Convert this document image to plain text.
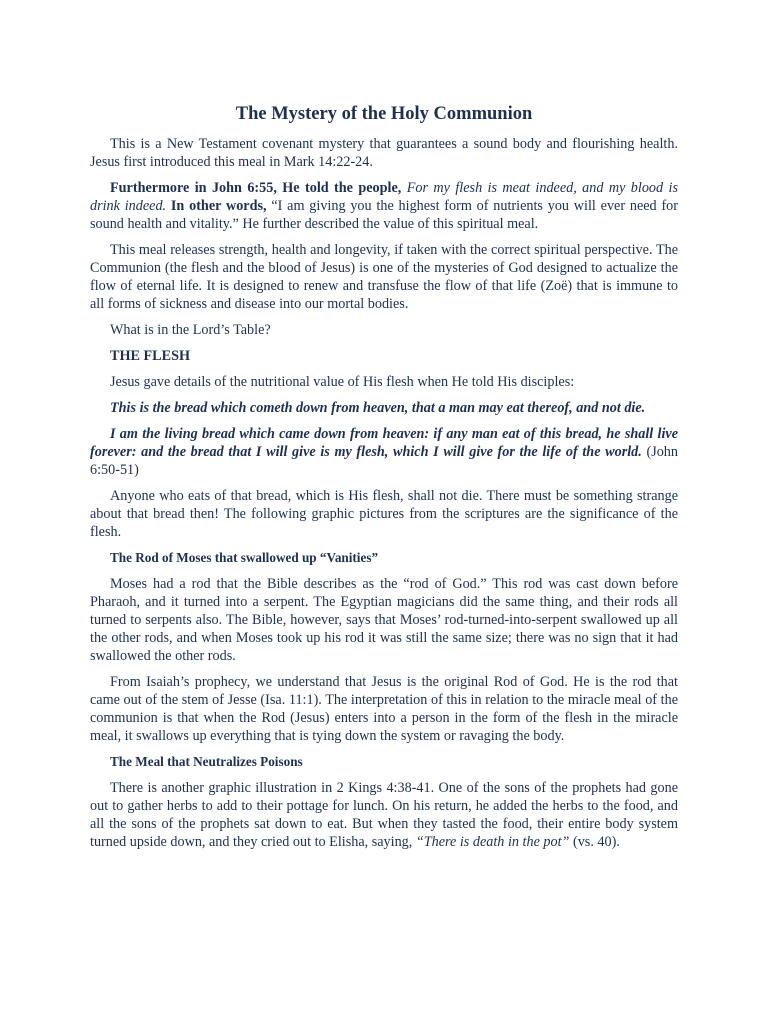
The Mystery of the Holy Communion

This is a New Testament covenant mystery that guarantees a sound body and flourishing health. Jesus first introduced this meal in Mark 14:22-24.

Furthermore in John 6:55, He told the people, For my flesh is meat indeed, and my blood is drink indeed. In other words, “I am giving you the highest form of nutrients you will ever need for sound health and vitality.” He further described the value of this spiritual meal.

This meal releases strength, health and longevity, if taken with the correct spiritual perspective. The Communion (the flesh and the blood of Jesus) is one of the mysteries of God designed to actualize the flow of eternal life. It is designed to renew and transfuse the flow of that life (Zoë) that is immune to all forms of sickness and disease into our mortal bodies.

What is in the Lord’s Table?

THE FLESH

Jesus gave details of the nutritional value of His flesh when He told His disciples:

This is the bread which cometh down from heaven, that a man may eat thereof, and not die.

I am the living bread which came down from heaven: if any man eat of this bread, he shall live forever: and the bread that I will give is my flesh, which I will give for the life of the world. (John 6:50-51)

Anyone who eats of that bread, which is His flesh, shall not die. There must be something strange about that bread then! The following graphic pictures from the scriptures are the significance of the flesh.

The Rod of Moses that swallowed up “Vanities”

Moses had a rod that the Bible describes as the “rod of God.” This rod was cast down before Pharaoh, and it turned into a serpent. The Egyptian magicians did the same thing, and their rods all turned to serpents also. The Bible, however, says that Moses’ rod-turned-into-serpent swallowed up all the other rods, and when Moses took up his rod it was still the same size; there was no sign that it had swallowed the other rods.

From Isaiah’s prophecy, we understand that Jesus is the original Rod of God. He is the rod that came out of the stem of Jesse (Isa. 11:1). The interpretation of this in relation to the miracle meal of the communion is that when the Rod (Jesus) enters into a person in the form of the flesh in the miracle meal, it swallows up everything that is tying down the system or ravaging the body.

The Meal that Neutralizes Poisons

There is another graphic illustration in 2 Kings 4:38-41. One of the sons of the prophets had gone out to gather herbs to add to their pottage for lunch. On his return, he added the herbs to the food, and all the sons of the prophets sat down to eat. But when they tasted the food, their entire body system turned upside down, and they cried out to Elisha, saying, “There is death in the pot” (vs. 40).
